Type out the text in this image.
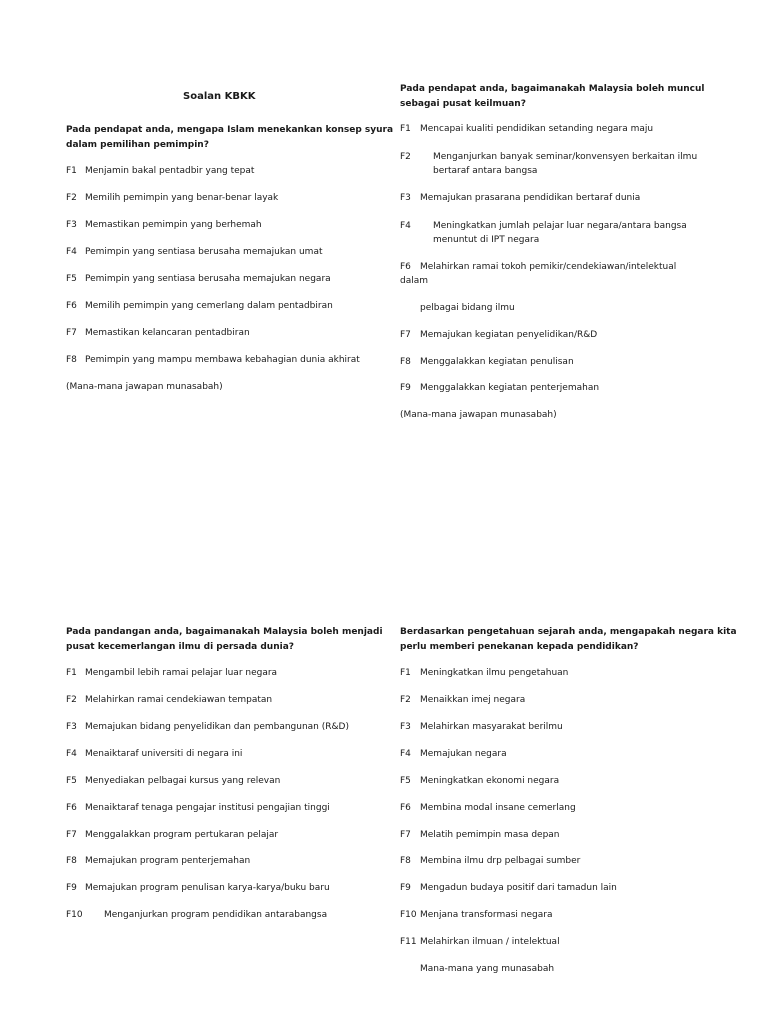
Soalan KBKK
Pada pendapat anda, mengapa Islam menekankan konsep syura
dalam pemilihan pemimpin?
F1 Menjamin bakal pentadbir yang tepat
F2 Memilih pemimpin yang benar-benar layak
F3 Memastikan pemimpin yang berhemah
F4 Pemimpin yang sentiasa berusaha memajukan umat
F5 Pemimpin yang sentiasa berusaha memajukan negara
F6 Memilih pemimpin yang cemerlang dalam pentadbiran
F7 Memastikan kelancaran pentadbiran
F8 Pemimpin yang mampu membawa kebahagian dunia akhirat
(Mana-mana jawapan munasabah)
Pada pendapat anda, bagaimanakah Malaysia boleh muncul
sebagai pusat keilmuan?
F1 Mencapai kualiti pendidikan setanding negara maju
F2 Menganjurkan banyak seminar/konvensyen berkaitan ilmu
bertaraf antara bangsa
F3 Memajukan prasarana pendidikan bertaraf dunia
F4 Meningkatkan jumlah pelajar luar negara/antara bangsa
menuntut di IPT negara
F6 Melahirkan ramai tokoh pemikir/cendekiawan/intelektual
dalam
pelbagai bidang ilmu
F7 Memajukan kegiatan penyelidikan/R&D
F8 Menggalakkan kegiatan penulisan
F9 Menggalakkan kegiatan penterjemahan
(Mana-mana jawapan munasabah)
Pada pandangan anda, bagaimanakah Malaysia boleh menjadi
pusat kecemerlangan ilmu di persada dunia?
F1 Mengambil lebih ramai pelajar luar negara
F2 Melahirkan ramai cendekiawan tempatan
F3 Memajukan bidang penyelidikan dan pembangunan (R&D)
F4 Menaiktaraf universiti di negara ini
F5 Menyediakan pelbagai kursus yang relevan
F6 Menaiktaraf tenaga pengajar institusi pengajian tinggi
F7 Menggalakkan program pertukaran pelajar
F8 Memajukan program penterjemahan
F9 Memajukan program penulisan karya-karya/buku baru
F10 Menganjurkan program pendidikan antarabangsa
Berdasarkan pengetahuan sejarah anda, mengapakah negara kita
perlu memberi penekanan kepada pendidikan?
F1 Meningkatkan ilmu pengetahuan
F2 Menaikkan imej negara
F3 Melahirkan masyarakat berilmu
F4 Memajukan negara
F5 Meningkatkan ekonomi negara
F6 Membina modal insane cemerlang
F7 Melatih pemimpin masa depan
F8 Membina ilmu drp pelbagai sumber
F9 Mengadun budaya positif dari tamadun lain
F10 Menjana transformasi negara
F11 Melahirkan ilmuan / intelektual
Mana-mana yang munasabah
